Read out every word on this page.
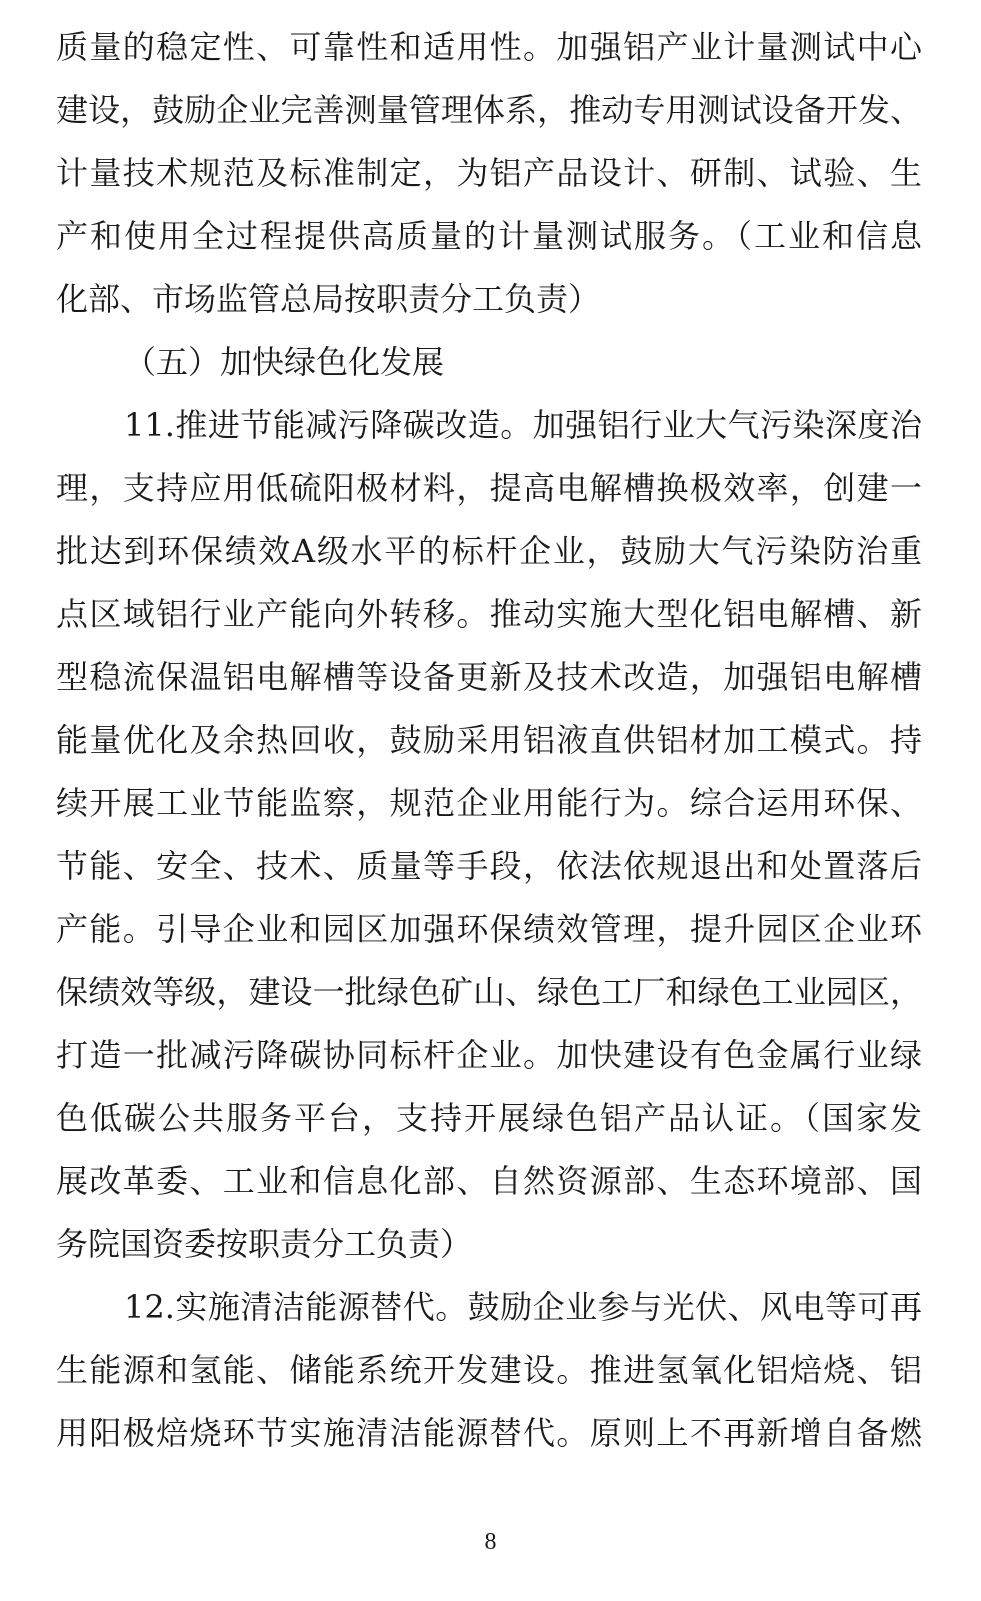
质量的稳定性、可靠性和适用性。加强铝产业计量测试中心
建设，鼓励企业完善测量管理体系，推动专用测试设备开发、
计量技术规范及标准制定，为铝产品设计、研制、试验、生
产和使用全过程提供高质量的计量测试服务。（工业和信息
化部、市场监管总局按职责分工负责）
（五）加快绿色化发展
11.推进节能减污降碳改造。加强铝行业大气污染深度治
理，支持应用低硫阳极材料，提高电解槽换极效率，创建一
批达到环保绩效A级水平的标杆企业，鼓励大气污染防治重
点区域铝行业产能向外转移。推动实施大型化铝电解槽、新
型稳流保温铝电解槽等设备更新及技术改造，加强铝电解槽
能量优化及余热回收，鼓励采用铝液直供铝材加工模式。持
续开展工业节能监察，规范企业用能行为。综合运用环保、
节能、安全、技术、质量等手段，依法依规退出和处置落后
产能。引导企业和园区加强环保绩效管理，提升园区企业环
保绩效等级，建设一批绿色矿山、绿色工厂和绿色工业园区，
打造一批减污降碳协同标杆企业。加快建设有色金属行业绿
色低碳公共服务平台，支持开展绿色铝产品认证。（国家发
展改革委、工业和信息化部、自然资源部、生态环境部、国
务院国资委按职责分工负责）
12.实施清洁能源替代。鼓励企业参与光伏、风电等可再
生能源和氢能、储能系统开发建设。推进氢氧化铝焙烧、铝
用阳极焙烧环节实施清洁能源替代。原则上不再新增自备燃
8
